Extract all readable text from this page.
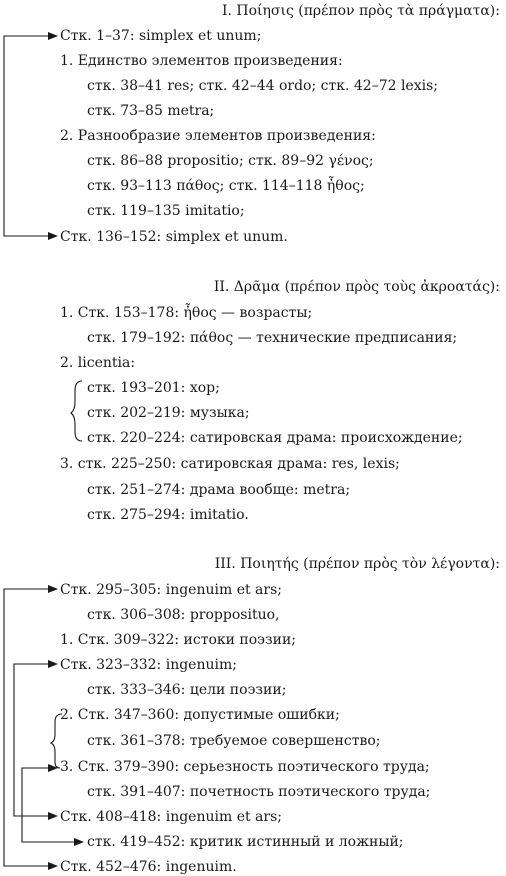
I. Ποίησις (πρέπον πρὸς τὰ πράγματα):
Стк. 1–37: simplex et unum;
1. Единство элементов произведения:
стк. 38–41 res; стк. 42–44 ordo; стк. 42–72 lexis;
стк. 73–85 metra;
2. Разнообразие элементов произведения:
стк. 86–88 propositio; стк. 89–92 γένος;
стк. 93–113 πάθος; стк. 114–118 ἦθος;
стк. 119–135 imitatio;
Стк. 136–152: simplex et unum.
II. Δρᾶμα (πρέπον πρὸς τοὺς ἀκροατάς):
1. Стк. 153–178: ἦθος — возрасты;
стк. 179–192: πάθος — технические предписания;
2. licentia:
стк. 193–201: хор;
стк. 202–219: музыка;
стк. 220–224: сатировская драма: происхождение;
3. стк. 225–250: сатировская драма: res, lexis;
стк. 251–274: драма вообще: metra;
стк. 275–294: imitatio.
III. Ποιητής (πρέπον πρὸς τὸν λέγοντα):
Стк. 295–305: ingenuim et ars;
стк. 306–308: propposituo,
1. Стк. 309–322: истоки поэзии;
Стк. 323–332: ingenuim;
стк. 333–346: цели поэзии;
2. Стк. 347–360: допустимые ошибки;
стк. 361–378: требуемое совершенство;
3. Стк. 379–390: серьезность поэтического труда;
стк. 391–407: почетность поэтического труда;
Стк. 408–418: ingenuim et ars;
стк. 419–452: критик истинный и ложный;
Стк. 452–476: ingenuim.
